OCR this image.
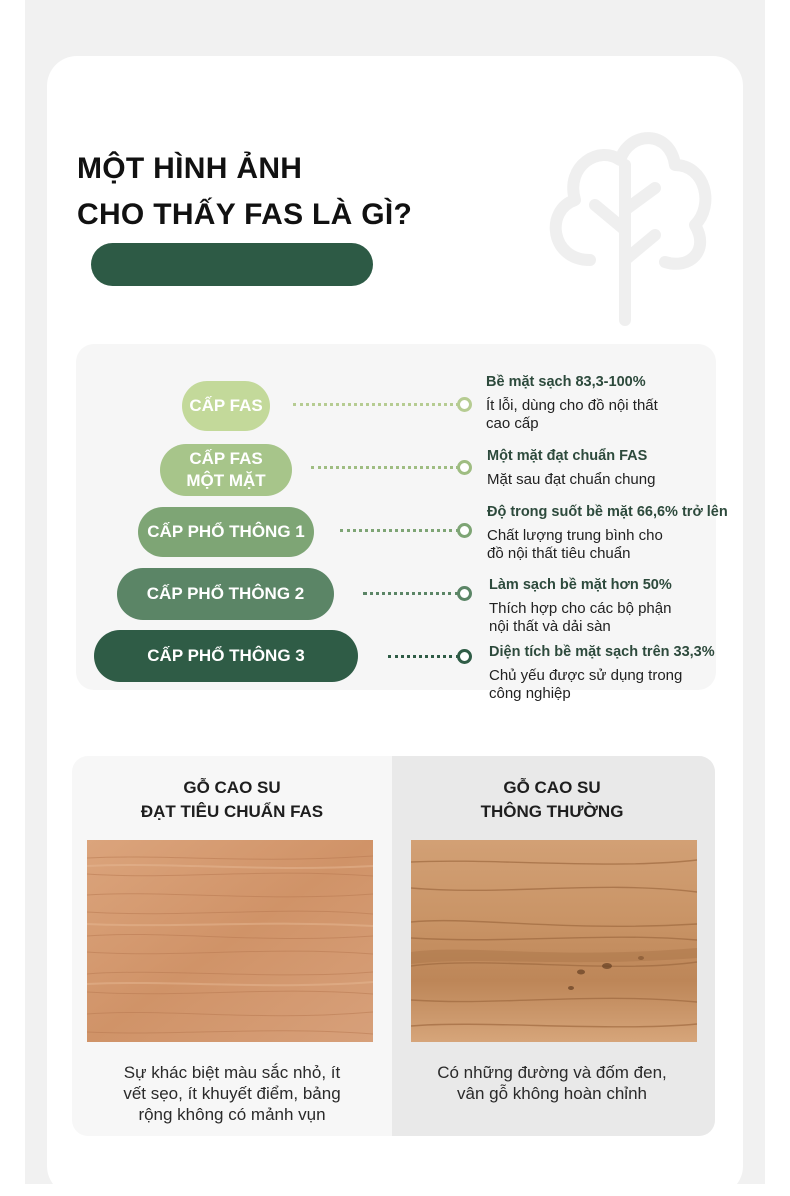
MỘT HÌNH ẢNH
CHO THẤY FAS LÀ GÌ?
CẤP FAS
Bề mặt sạch 83,3-100%
Ít lỗi, dùng cho đồ nội thất
cao cấp
CẤP FAS
MỘT MẶT
Một mặt đạt chuẩn FAS
Mặt sau đạt chuẩn chung
CẤP PHỔ THÔNG 1
Độ trong suốt bề mặt 66,6% trở lên
Chất lượng trung bình cho
đồ nội thất tiêu chuẩn
CẤP PHỔ THÔNG 2	Làm sạch bề mặt hơn 50%
Thích hợp cho các bộ phận
nội thất và dải sàn
CẤP PHỔ THÔNG 3	Diện tích bề mặt sạch trên 33,3%
Chủ yếu được sử dụng trong
công nghiệp
GỖ CAO SU
ĐẠT TIÊU CHUẨN FAS
GỖ CAO SU
THÔNG THƯỜNG
Sự khác biệt màu sắc nhỏ, ít
vết sẹo, ít khuyết điểm, bảng
rộng không có mảnh vụn
Có những đường và đốm đen,
vân gỗ không hoàn chỉnh
